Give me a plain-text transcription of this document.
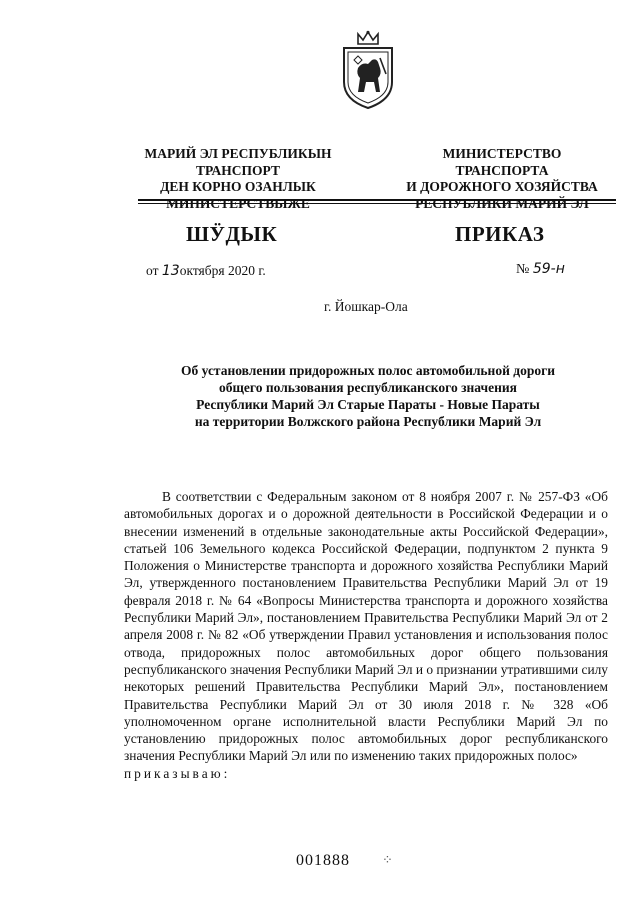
МАРИЙ ЭЛ РЕСПУБЛИКЫН
ТРАНСПОРТ
ДЕН КОРНО ОЗАНЛЫК
МИНИСТЕРСТВЫЖЕ
МИНИСТЕРСТВО
ТРАНСПОРТА
И ДОРОЖНОГО ХОЗЯЙСТВА
РЕСПУБЛИКИ МАРИЙ ЭЛ
ШӰДЫК	ПРИКАЗ
от 13октября 2020 г.	№ 59-н
г. Йошкар-Ола
Об установлении придорожных полос автомобильной дороги
общего пользования республиканского значения
Республики Марий Эл Старые Параты - Новые Параты
на территории Волжского района Республики Марий Эл
В соответствии с Федеральным законом от 8 ноября 2007 г. № 257-ФЗ «Об автомобильных дорогах и о дорожной деятельности в Российской Федерации и о внесении изменений в отдельные законодательные акты Российской Федерации», статьей 106 Земельного кодекса Российской Федерации, подпунктом 2 пункта 9 Положения о Министерстве транспорта и дорожного хозяйства Республики Марий Эл, утвержденного постановлением Правительства Республики Марий Эл от 19 февраля 2018 г. № 64 «Вопросы Министерства транспорта и дорожного хозяйства Республики Марий Эл», постановлением Правительства Республики Марий Эл от 2 апреля 2008 г. № 82 «Об утверждении Правил установления и использования полос отвода, придорожных полос автомобильных дорог общего пользования республиканского значения Республики Марий Эл и о признании утратившими силу некоторых решений Правительства Республики Марий Эл», постановлением Правительства Республики Марий Эл от 30 июля 2018 г. № 328 «Об уполномоченном органе исполнительной власти Республики Марий Эл по установлению придорожных полос автомобильных дорог республиканского значения Республики Марий Эл или по изменению таких придорожных полос»
приказываю:
001888 ⁘
